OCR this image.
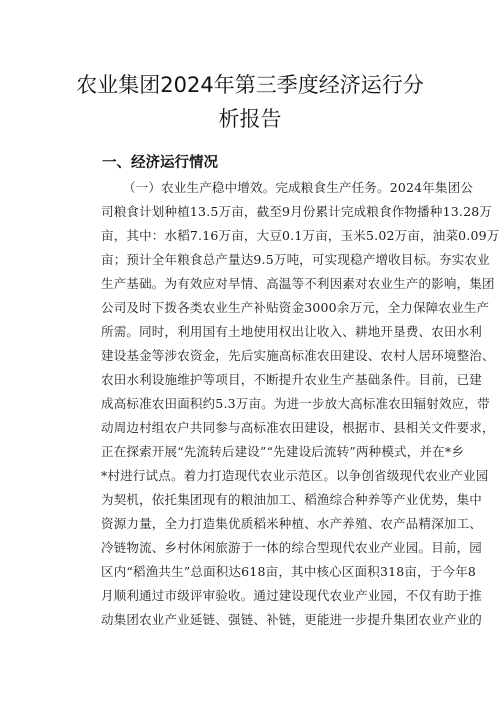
农业集团2024年第三季度经济运行分析报告
一、经济运行情况
（一）农业生产稳中增效。完成粮食生产任务。2024年集团公
司粮食计划种植13.5万亩，截至9月份累计完成粮食作物播种13.28万
亩，其中：水稻7.16万亩，大豆0.1万亩，玉米5.02万亩，油菜0.09万
亩；预计全年粮食总产量达9.5万吨，可实现稳产增收目标。夯实农业
生产基础。为有效应对旱情、高温等不利因素对农业生产的影响，集团
公司及时下拨各类农业生产补贴资金3000余万元，全力保障农业生产
所需。同时，利用国有土地使用权出让收入、耕地开垦费、农田水利
建设基金等涉农资金，先后实施高标准农田建设、农村人居环境整治、
农田水利设施维护等项目，不断提升农业生产基础条件。目前，已建
成高标准农田面积约5.3万亩。为进一步放大高标准农田辐射效应，带
动周边村组农户共同参与高标准农田建设，根据市、县相关文件要求，
正在探索开展“先流转后建设”“先建设后流转”两种模式，并在*乡
*村进行试点。着力打造现代农业示范区。以争创省级现代农业产业园
为契机，依托集团现有的粮油加工、稻渔综合种养等产业优势，集中
资源力量，全力打造集优质稻米种植、水产养殖、农产品精深加工、
冷链物流、乡村休闲旅游于一体的综合型现代农业产业园。目前，园
区内“稻渔共生”总面积达618亩，其中核心区面积318亩，于今年8
月顺利通过市级评审验收。通过建设现代农业产业园，不仅有助于推
动集团农业产业延链、强链、补链，更能进一步提升集团农业产业的
